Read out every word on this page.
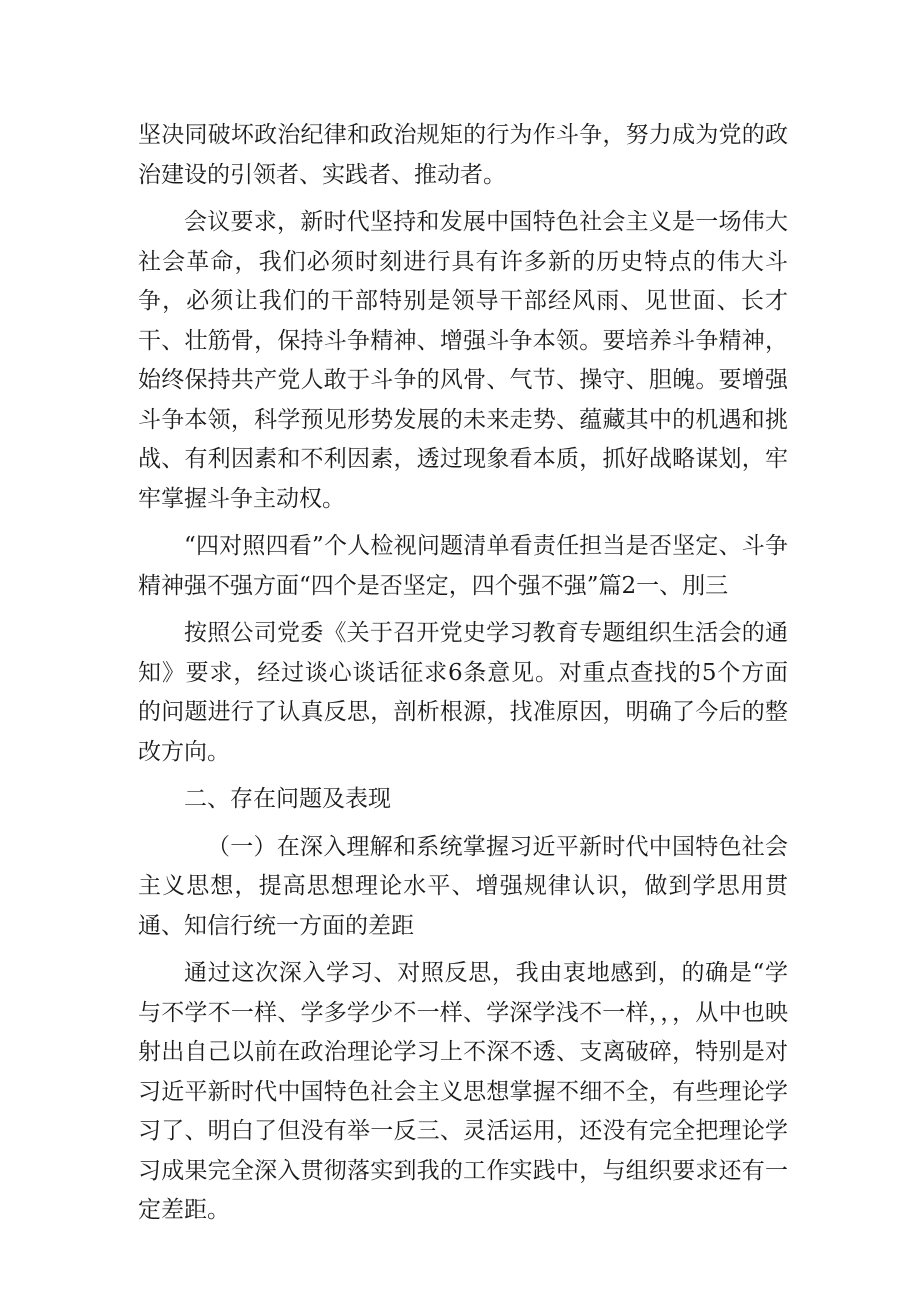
坚决同破坏政治纪律和政治规矩的行为作斗争，努力成为党的政治建设的引领者、实践者、推动者。

会议要求，新时代坚持和发展中国特色社会主义是一场伟大社会革命，我们必须时刻进行具有许多新的历史特点的伟大斗争，必须让我们的干部特别是领导干部经风雨、见世面、长才干、壮筋骨，保持斗争精神、增强斗争本领。要培养斗争精神，始终保持共产党人敢于斗争的风骨、气节、操守、胆魄。要增强斗争本领，科学预见形势发展的未来走势、蕴藏其中的机遇和挑战、有利因素和不利因素，透过现象看本质，抓好战略谋划，牢牢掌握斗争主动权。

“四对照四看”个人检视问题清单看责任担当是否坚定、斗争精神强不强方面“四个是否坚定，四个强不强”篇2一、刖三

按照公司党委《关于召开党史学习教育专题组织生活会的通知》要求，经过谈心谈话征求6条意见。对重点查找的5个方面的问题进行了认真反思，剖析根源，找准原因，明确了今后的整改方向。

二、存在问题及表现

（一）在深入理解和系统掌握习近平新时代中国特色社会主义思想，提高思想理论水平、增强规律认识，做到学思用贯通、知信行统一方面的差距

通过这次深入学习、对照反思，我由衷地感到，的确是“学与不学不一样、学多学少不一样、学深学浅不一样，，，从中也映射出自己以前在政治理论学习上不深不透、支离破碎，特别是对习近平新时代中国特色社会主义思想掌握不细不全，有些理论学习了、明白了但没有举一反三、灵活运用，还没有完全把理论学习成果完全深入贯彻落实到我的工作实践中，与组织要求还有一定差距。
